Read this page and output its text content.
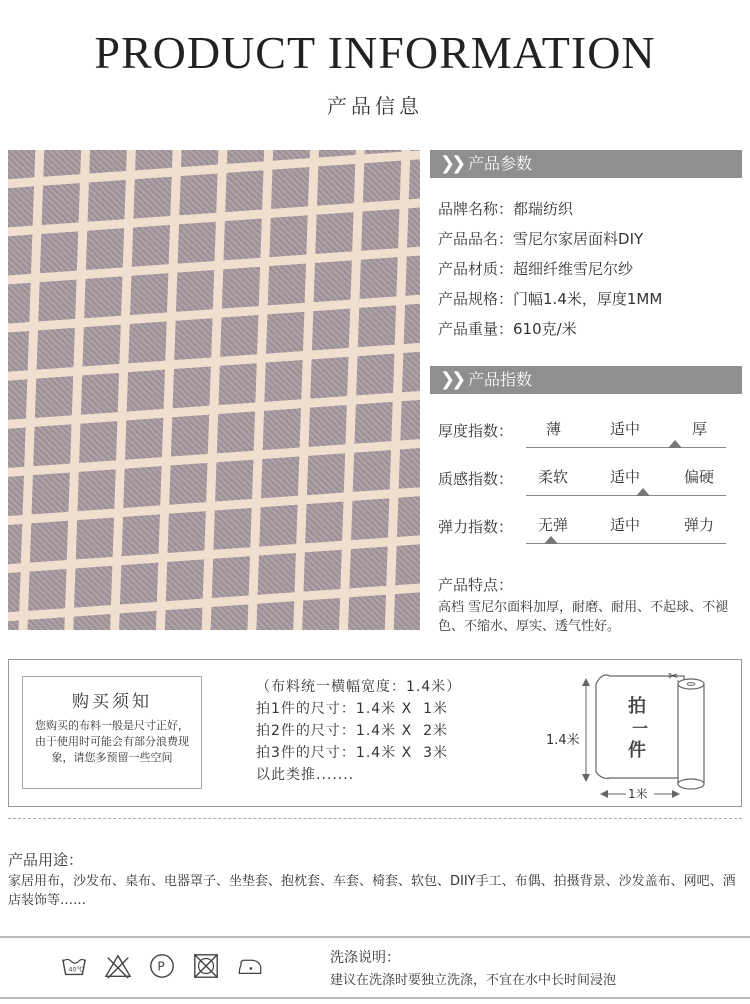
PRODUCT INFORMATION
产品信息
❯❯ 产品参数
品牌名称：都瑞纺织
产品品名：雪尼尔家居面料DIY
产品材质：超细纤维雪尼尔纱
产品规格：门幅1.4米，厚度1MM
产品重量：610克/米
❯❯ 产品指数
厚度指数： 薄	适中	厚
质感指数： 柔软	适中	偏硬
弹力指数： 无弹	适中	弹力
产品特点：
高档 雪尼尔面料加厚，耐磨、耐用、不起球、不褪色、不缩水、厚实、透气性好。
购买须知
您购买的布料一般是尺寸正好，由于使用时可能会有部分浪费现象，请您多预留一些空间
（布料统一横幅宽度：1.4米）
拍1件的尺寸：1.4米 X 1米
拍2件的尺寸：1.4米 X 2米
拍3件的尺寸：1.4米 X 3米
以此类推.......
1.4米
✂
拍
一
件
1米
产品用途：
家居用布，沙发布、桌布、电器罩子、坐垫套、抱枕套、车套、椅套、软包、DIIY手工、布偶、拍摄背景、沙发盖布、网吧、酒店装饰等……
40℃	P
洗涤说明：
建议在洗涤时要独立洗涤，不宜在水中长时间浸泡
